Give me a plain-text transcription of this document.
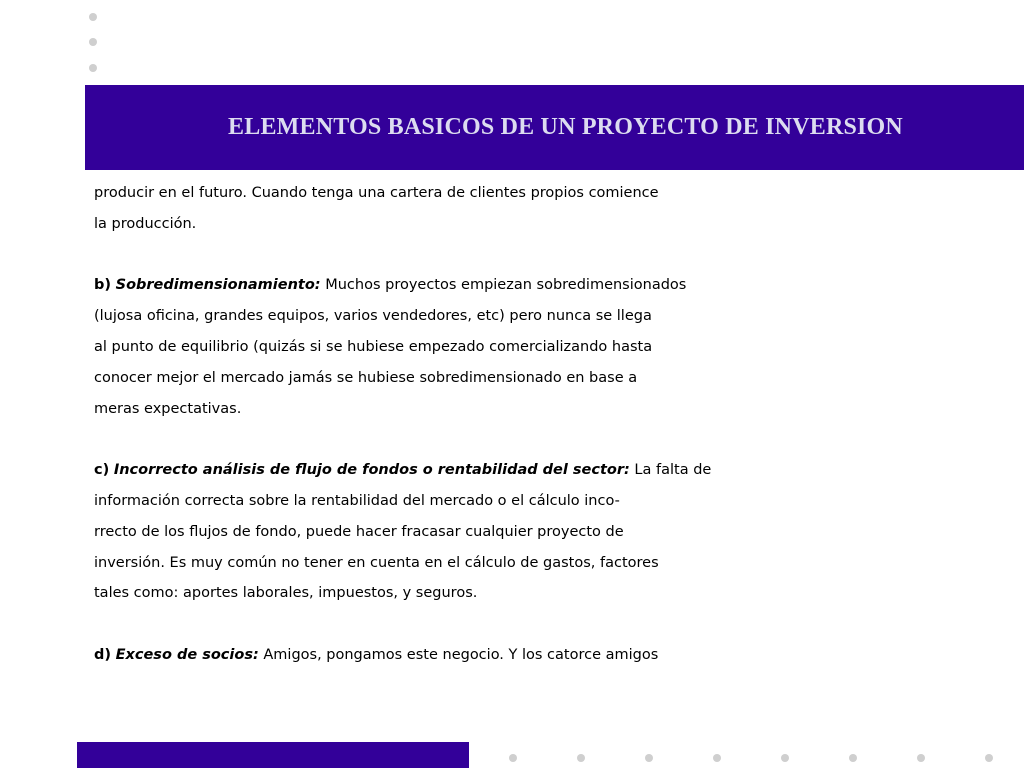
ELEMENTOS BASICOS DE UN PROYECTO DE INVERSION

producir en el futuro. Cuando tenga una cartera de clientes propios comience

la producción.

b) Sobredimensionamiento: Muchos proyectos empiezan sobredimensionados

(lujosa oficina, grandes equipos, varios vendedores, etc) pero nunca se llega

al punto de equilibrio (quizás si se hubiese empezado comercializando hasta

conocer mejor el mercado jamás se hubiese sobredimensionado en base a

meras expectativas.

c) Incorrecto análisis de flujo de fondos o rentabilidad del sector: La falta de

información correcta sobre la rentabilidad del mercado o el cálculo inco-

rrecto de los flujos de fondo, puede hacer fracasar cualquier proyecto de

inversión. Es muy común no tener en cuenta en el cálculo de gastos, factores

tales como: aportes laborales, impuestos, y seguros.

d) Exceso de socios: Amigos, pongamos este negocio. Y los catorce amigos
